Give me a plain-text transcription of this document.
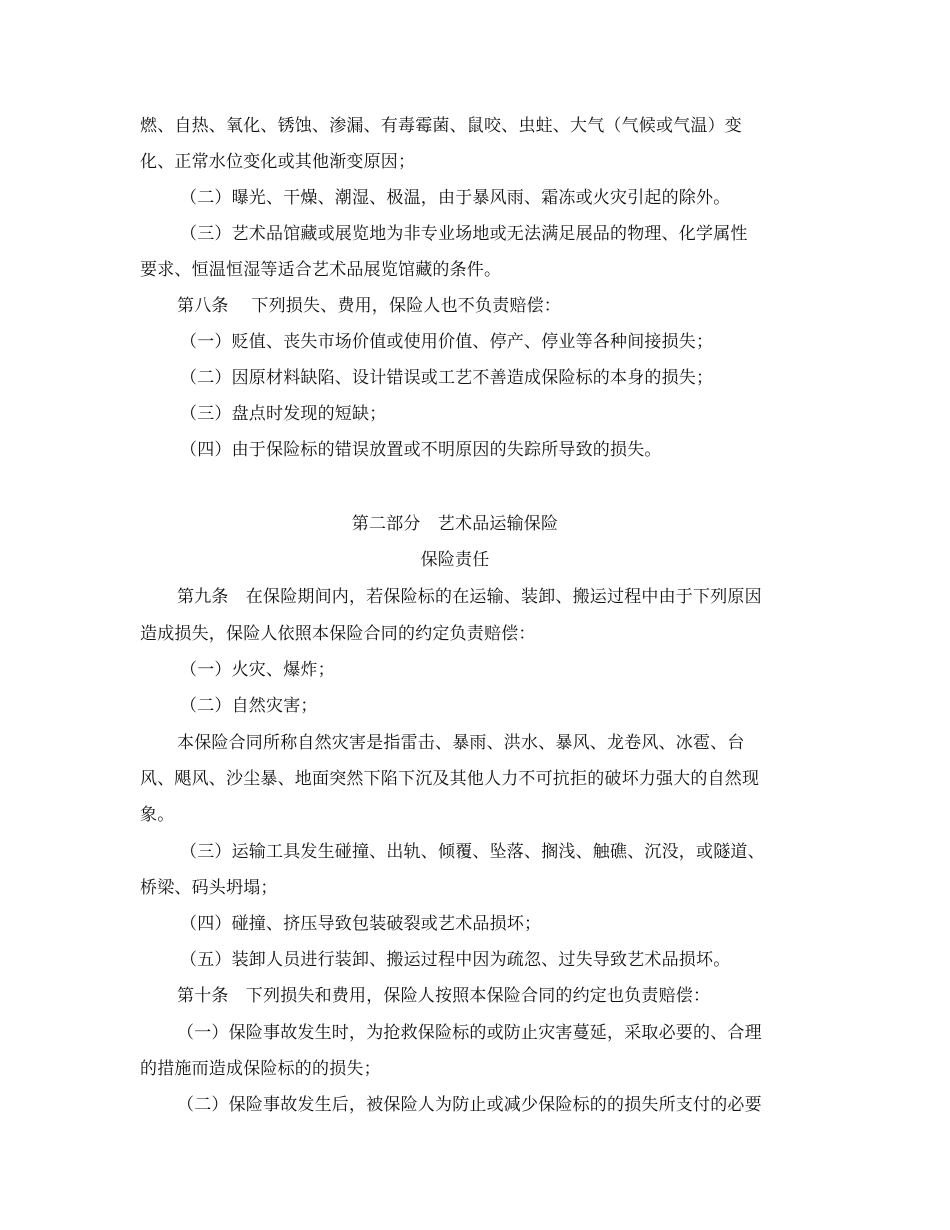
燃、自热、氧化、锈蚀、渗漏、有毒霉菌、鼠咬、虫蛀、大气（气候或气温）变
化、正常水位变化或其他渐变原因；
（二）曝光、干燥、潮湿、极温，由于暴风雨、霜冻或火灾引起的除外。
（三）艺术品馆藏或展览地为非专业场地或无法满足展品的物理、化学属性
要求、恒温恒湿等适合艺术品展览馆藏的条件。
第八条　 下列损失、费用，保险人也不负责赔偿：
（一）贬值、丧失市场价值或使用价值、停产、停业等各种间接损失；
（二）因原材料缺陷、设计错误或工艺不善造成保险标的本身的损失；
（三）盘点时发现的短缺；
（四）由于保险标的错误放置或不明原因的失踪所导致的损失。
第二部分　艺术品运输保险
保险责任
第九条　在保险期间内，若保险标的在运输、装卸、搬运过程中由于下列原因
造成损失，保险人依照本保险合同的约定负责赔偿：
（一）火灾、爆炸；
（二）自然灾害；
本保险合同所称自然灾害是指雷击、暴雨、洪水、暴风、龙卷风、冰雹、台
风、飓风、沙尘暴、地面突然下陷下沉及其他人力不可抗拒的破坏力强大的自然现
象。
（三）运输工具发生碰撞、出轨、倾覆、坠落、搁浅、触礁、沉没，或隧道、
桥梁、码头坍塌；
（四）碰撞、挤压导致包装破裂或艺术品损坏；
（五）装卸人员进行装卸、搬运过程中因为疏忽、过失导致艺术品损坏。
第十条　下列损失和费用，保险人按照本保险合同的约定也负责赔偿：
（一）保险事故发生时，为抢救保险标的或防止灾害蔓延，采取必要的、合理
的措施而造成保险标的的损失；
（二）保险事故发生后，被保险人为防止或减少保险标的的损失所支付的必要
